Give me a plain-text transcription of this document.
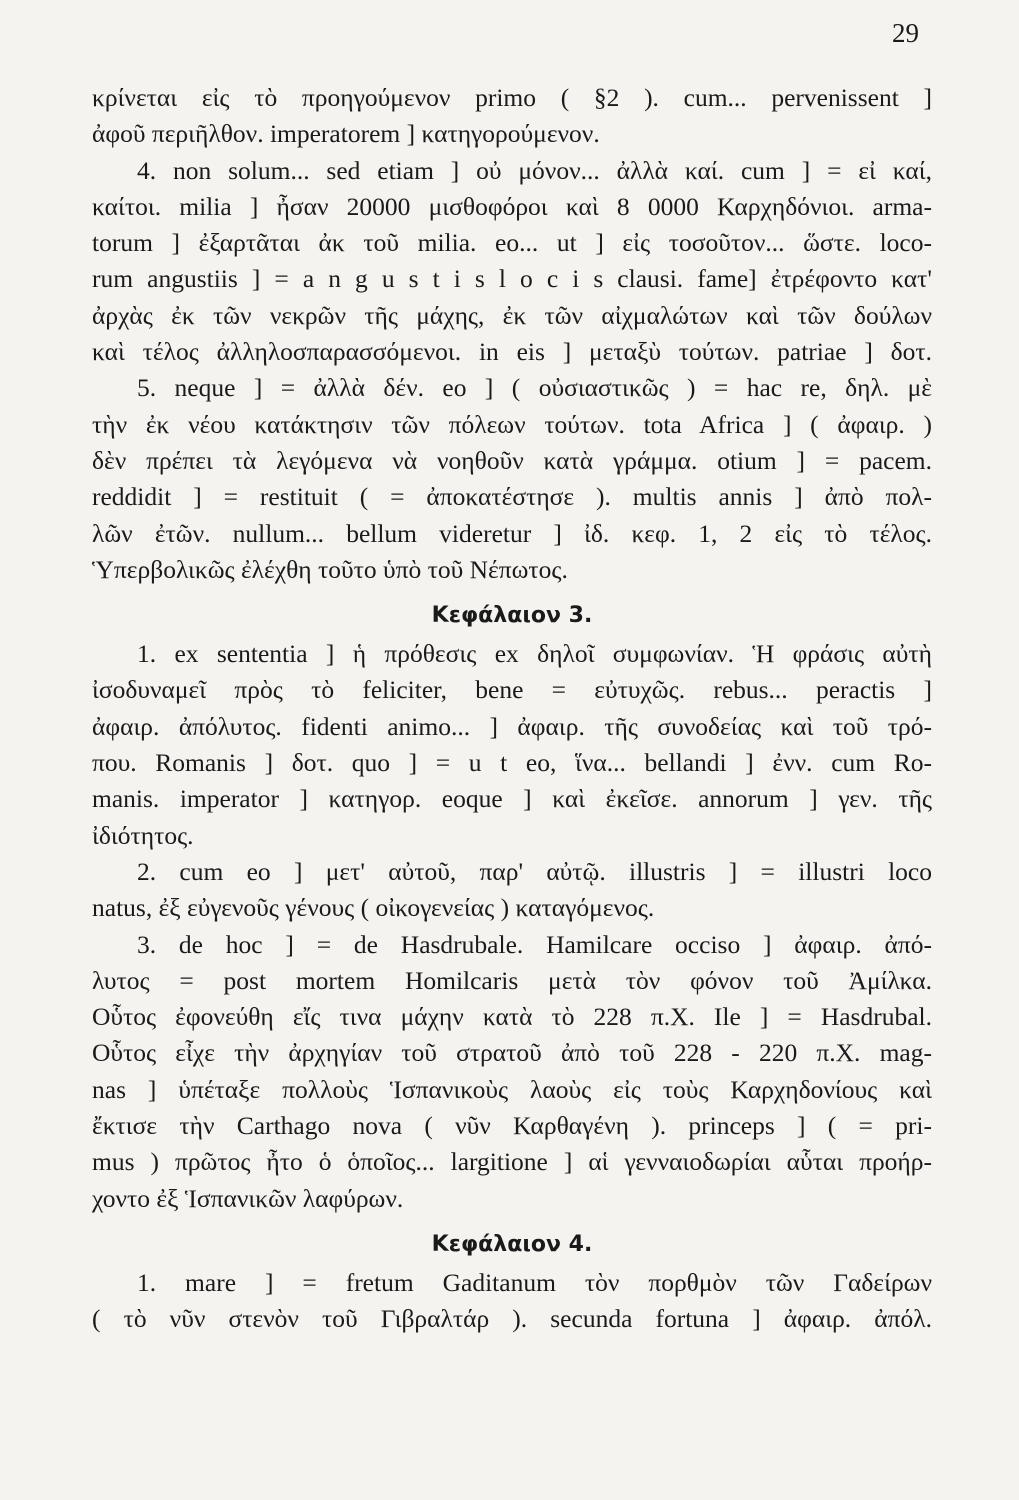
29
κρίνεται εἰς τὸ προηγούμενον primo ( §2 ). cum... pervenissent ]
ἀφοῦ περιῆλθον. imperatorem ] κατηγορούμενον.
4. non solum... sed etiam ] οὐ μόνον... ἀλλὰ καί. cum ] = εἰ καί,
καίτοι. milia ] ἦσαν 20000 μισθοφόροι καὶ 8 0000 Καρχηδόνιοι. arma-
torum ] ἐξαρτᾶται ἀκ τοῦ milia. eo... ut ] εἰς τοσοῦτον... ὥστε. loco-
rum angustiis ] = a n g u s t i s l o c i s clausi. fame] ἐτρέφοντο κατ'
ἀρχὰς ἐκ τῶν νεκρῶν τῆς μάχης, ἐκ τῶν αἰχμαλώτων καὶ τῶν δούλων
καὶ τέλος ἀλληλοσπαρασσόμενοι. in eis ] μεταξὺ τούτων. patriae ] δοτ.
5. neque ] = ἀλλὰ δέν. eo ] ( οὐσιαστικῶς ) = hac re, δηλ. μὲ
τὴν ἐκ νέου κατάκτησιν τῶν πόλεων τούτων. tota Africa ] ( ἀφαιρ. )
δὲν πρέπει τὰ λεγόμενα νὰ νοηθοῦν κατὰ γράμμα. otium ] = pacem.
reddidit ] = restituit ( = ἀποκατέστησε ). multis annis ] ἀπὸ πολ-
λῶν ἐτῶν. nullum... bellum videretur ] ἰδ. κεφ. 1, 2 εἰς τὸ τέλος.
Ὑπερβολικῶς ἐλέχθη τοῦτο ὑπὸ τοῦ Νέπωτος.
Κεφάλαιον 3.
1. ex sententia ] ἡ πρόθεσις ex δηλοῖ συμφωνίαν. Ἡ φράσις αὐτὴ
ἰσοδυναμεῖ πρὸς τὸ feliciter, bene = εὐτυχῶς. rebus... peractis ]
ἀφαιρ. ἀπόλυτος. fidenti animo... ] ἀφαιρ. τῆς συνοδείας καὶ τοῦ τρό-
που. Romanis ] δοτ. quo ] = u t eo, ἵνα... bellandi ] ἐνν. cum Ro-
manis. imperator ] κατηγορ. eoque ] καὶ ἐκεῖσε. annorum ] γεν. τῆς
ἰδιότητος.
2. cum eo ] μετ' αὐτοῦ, παρ' αὐτῷ. illustris ] = illustri loco
natus, ἐξ εὐγενοῦς γένους ( οἰκογενείας ) καταγόμενος.
3. de hoc ] = de Hasdrubale. Hamilcare occiso ] ἀφαιρ. ἀπό-
λυτος = post mortem Homilcaris μετὰ τὸν φόνον τοῦ Ἀμίλκα.
Οὗτος ἐφονεύθη εἴς τινα μάχην κατὰ τὸ 228 π.Χ. Ile ] = Hasdrubal.
Οὗτος εἶχε τὴν ἀρχηγίαν τοῦ στρατοῦ ἀπὸ τοῦ 228 - 220 π.Χ. mag-
nas ] ὑπέταξε πολλοὺς Ἱσπανικοὺς λαοὺς εἰς τοὺς Καρχηδονίους καὶ
ἔκτισε τὴν Carthago nova ( νῦν Καρθαγένη ). princeps ] ( = pri-
mus ) πρῶτος ἦτο ὁ ὁποῖος... largitione ] αἱ γενναιοδωρίαι αὗται προήρ-
χοντο ἐξ Ἱσπανικῶν λαφύρων.
Κεφάλαιον 4.
1. mare ] = fretum Gaditanum τὸν πορθμὸν τῶν Γαδείρων
( τὸ νῦν στενὸν τοῦ Γιβραλτάρ ). secunda fortuna ] ἀφαιρ. ἀπόλ.
